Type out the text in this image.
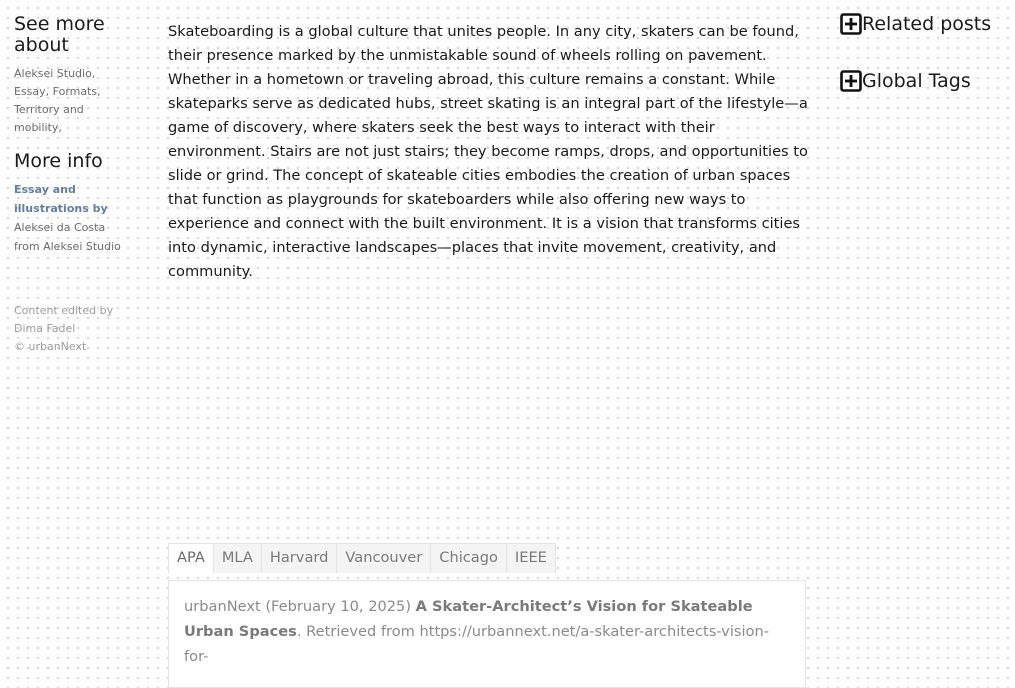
See more about
Aleksei Studio, Essay, Formats, Territory and mobility,
More info
Essay and illustrations by
Aleksei da Costa from Aleksei Studio
Content edited by
Dima Fadel
© urbanNext

Skateboarding is a global culture that unites people. In any city, skaters can be found, their presence marked by the unmistakable sound of wheels rolling on pavement. Whether in a hometown or traveling abroad, this culture remains a constant. While skateparks serve as dedicated hubs, street skating is an integral part of the lifestyle—a game of discovery, where skaters seek the best ways to interact with their environment. Stairs are not just stairs; they become ramps, drops, and opportunities to slide or grind. The concept of skateable cities embodies the creation of urban spaces that function as playgrounds for skateboarders while also offering new ways to experience and connect with the built environment. It is a vision that transforms cities into dynamic, interactive landscapes—places that invite movement, creativity, and community.

Related posts
Global Tags
APA	MLA	Harvard	Vancouver	Chicago	IEEE
urbanNext (February 10, 2025) A Skater-Architect’s Vision for Skateable Urban Spaces. Retrieved from https://urbannext.net/a-skater-architects-vision-for-
